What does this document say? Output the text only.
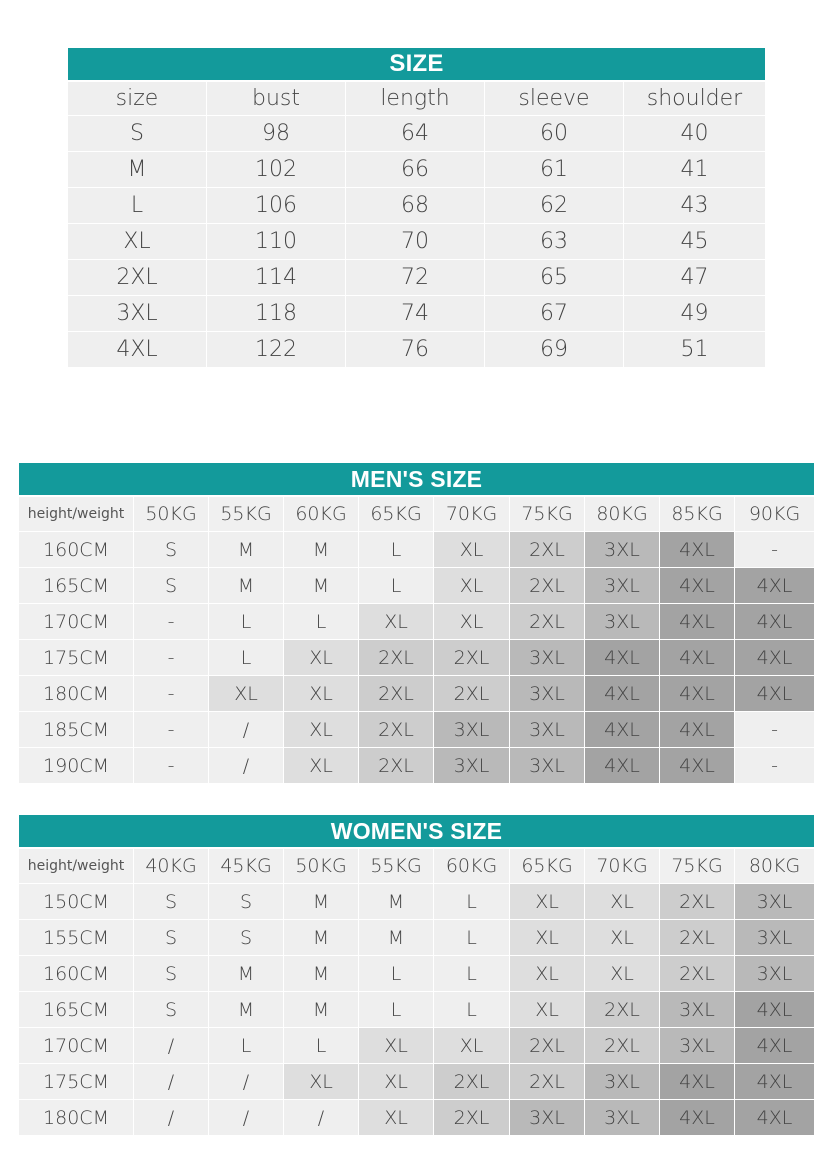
SIZE				
size	bust	length	sleeve	shoulder
S	98	64	60	40
M	102	66	61	41
L	106	68	62	43
XL	110	70	63	45
2XL	114	72	65	47
3XL	118	74	67	49
4XL	122	76	69	51
MEN'S SIZE									
height/weight	50KG	55KG	60KG	65KG	70KG	75KG	80KG	85KG	90KG
160CM	S	M	M	L	XL	2XL	3XL	4XL	-
165CM	S	M	M	L	XL	2XL	3XL	4XL	4XL
170CM	-	L	L	XL	XL	2XL	3XL	4XL	4XL
175CM	-	L	XL	2XL	2XL	3XL	4XL	4XL	4XL
180CM	-	XL	XL	2XL	2XL	3XL	4XL	4XL	4XL
185CM	-	/	XL	2XL	3XL	3XL	4XL	4XL	-
190CM	-	/	XL	2XL	3XL	3XL	4XL	4XL	-
WOMEN'S SIZE									
height/weight	40KG	45KG	50KG	55KG	60KG	65KG	70KG	75KG	80KG
150CM	S	S	M	M	L	XL	XL	2XL	3XL
155CM	S	S	M	M	L	XL	XL	2XL	3XL
160CM	S	M	M	L	L	XL	XL	2XL	3XL
165CM	S	M	M	L	L	XL	2XL	3XL	4XL
170CM	/	L	L	XL	XL	2XL	2XL	3XL	4XL
175CM	/	/	XL	XL	2XL	2XL	3XL	4XL	4XL
180CM	/	/	/	XL	2XL	3XL	3XL	4XL	4XL
